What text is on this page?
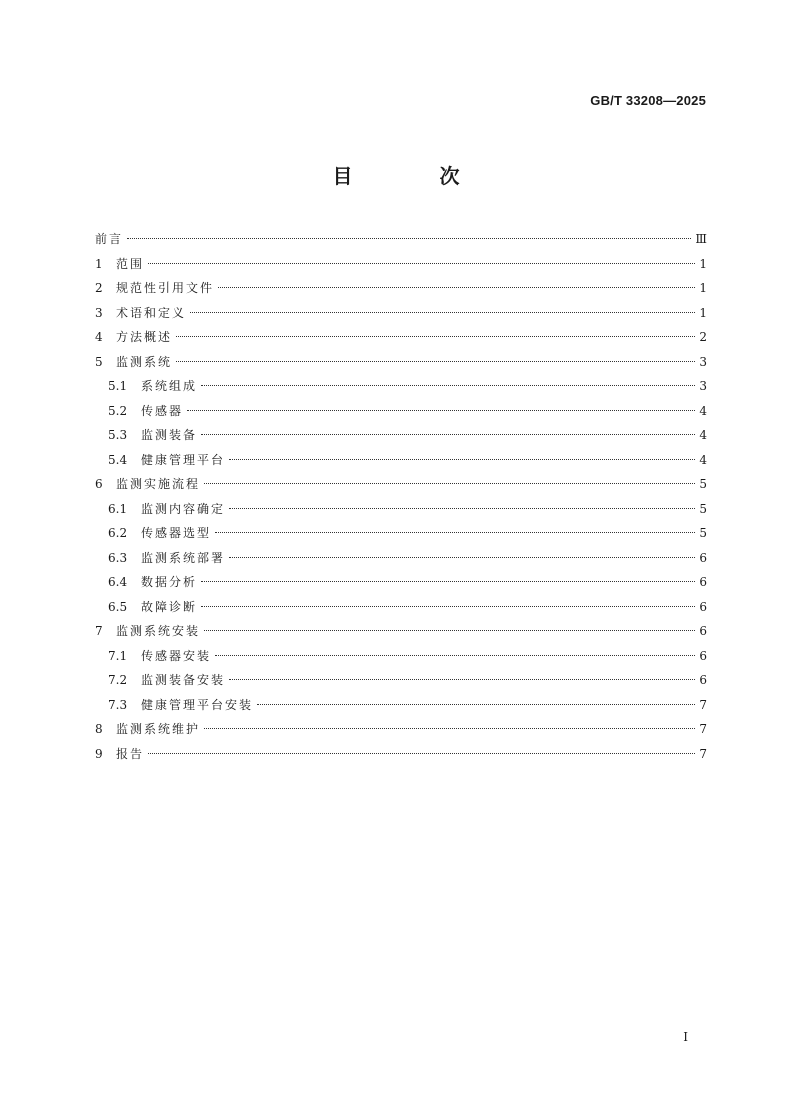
GB/T 33208—2025
目 次
前言	Ⅲ
1	范围	1
2	规范性引用文件	1
3	术语和定义	1
4	方法概述	2
5	监测系统	3
5.1	系统组成	3
5.2	传感器	4
5.3	监测装备	4
5.4	健康管理平台	4
6	监测实施流程	5
6.1	监测内容确定	5
6.2	传感器选型	5
6.3	监测系统部署	6
6.4	数据分析	6
6.5	故障诊断	6
7	监测系统安装	6
7.1	传感器安装	6
7.2	监测装备安装	6
7.3	健康管理平台安装	7
8	监测系统维护	7
9	报告	7
I
